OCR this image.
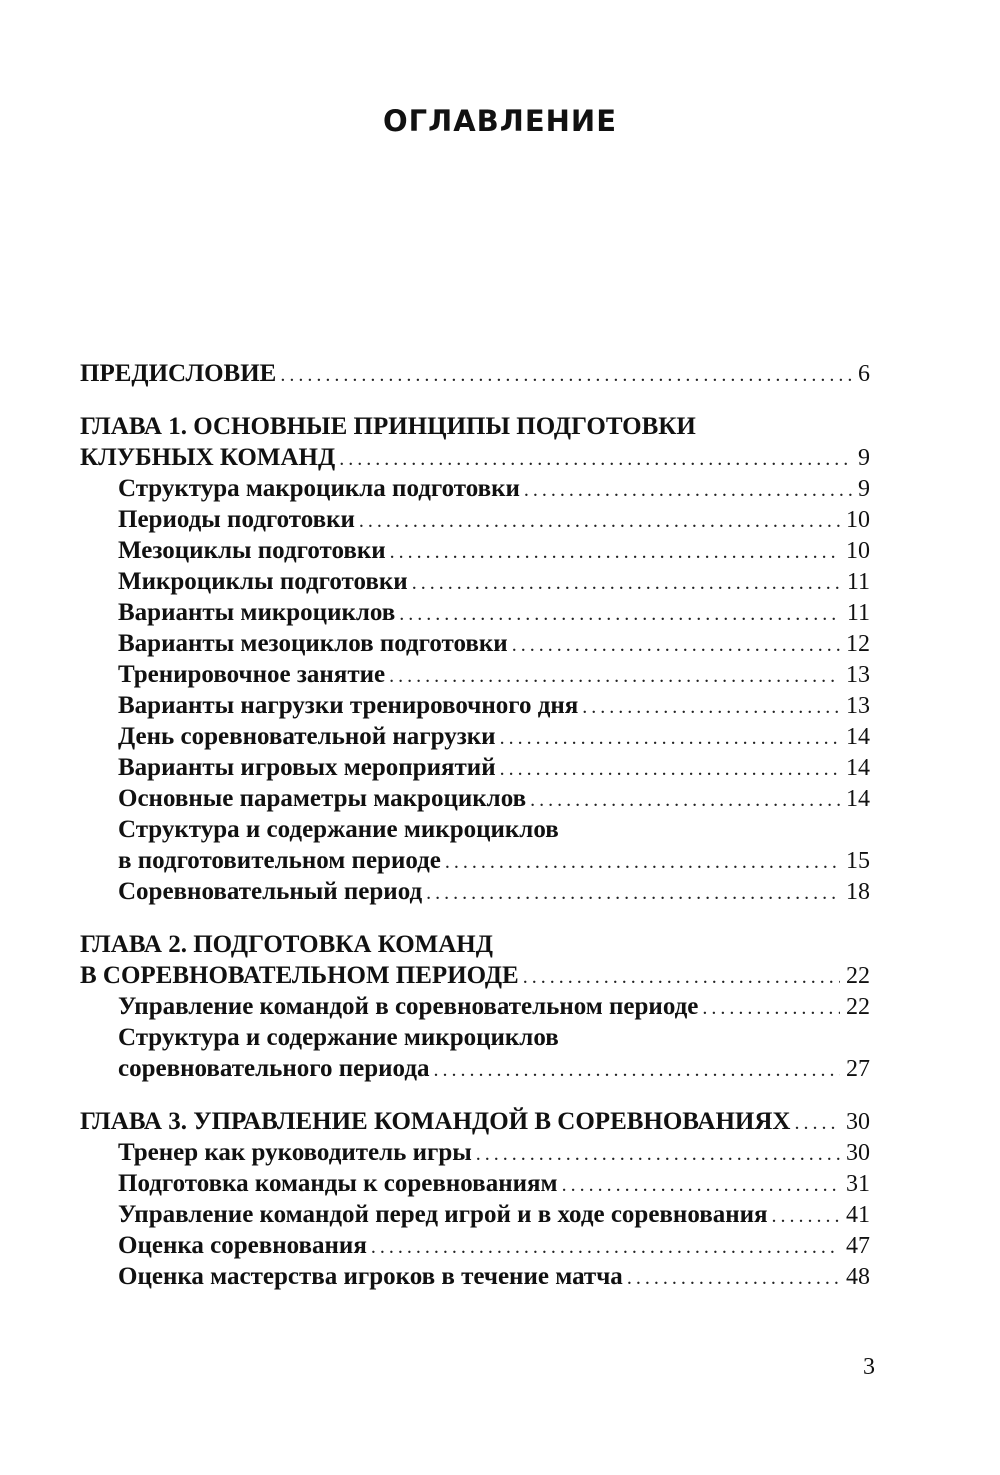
ОГЛАВЛЕНИЕ
ПРЕДИСЛОВИЕ .....	6
ГЛАВА 1. ОСНОВНЫЕ ПРИНЦИПЫ ПОДГОТОВКИ
КЛУБНЫХ КОМАНД .....	9
Структура макроцикла подготовки .....	9
Периоды подготовки .....	10
Мезоциклы подготовки .....	10
Микроциклы подготовки .....	11
Варианты микроциклов .....	11
Варианты мезоциклов подготовки .....	12
Тренировочное занятие .....	13
Варианты нагрузки тренировочного дня .....	13
День соревновательной нагрузки .....	14
Варианты игровых мероприятий .....	14
Основные параметры макроциклов .....	14
Структура и содержание микроциклов
в подготовительном периоде .....	15
Соревновательный период .....	18
ГЛАВА 2. ПОДГОТОВКА КОМАНД
В СОРЕВНОВАТЕЛЬНОМ ПЕРИОДЕ .....	22
Управление командой в соревновательном периоде .....	22
Структура и содержание микроциклов
соревновательного периода .....	27
ГЛАВА 3. УПРАВЛЕНИЕ КОМАНДОЙ В СОРЕВНОВАНИЯХ ..... 30
Тренер как руководитель игры .....	30
Подготовка команды к соревнованиям .....	31
Управление командой перед игрой и в ходе соревнования .....	41
Оценка соревнования .....	47
Оценка мастерства игроков в течение матча .....	48
3
